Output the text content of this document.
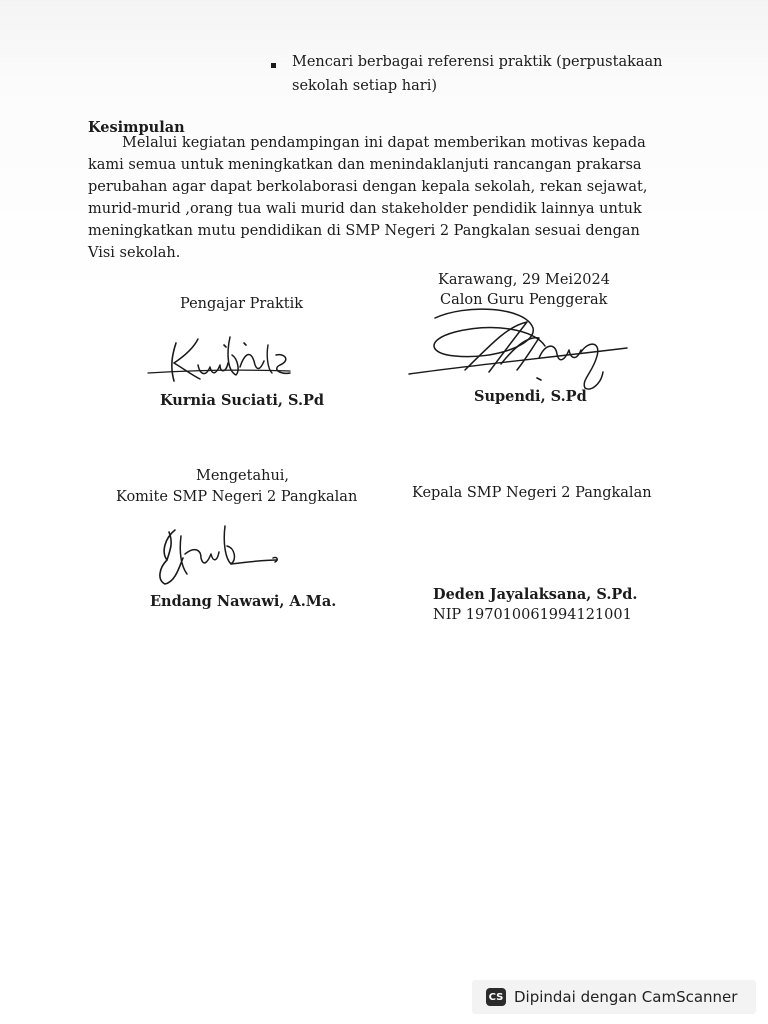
Mencari berbagai referensi praktik (perpustakaan
sekolah setiap hari)
Kesimpulan
Melalui kegiatan pendampingan ini dapat memberikan motivas kepada
kami semua untuk meningkatkan dan menindaklanjuti rancangan prakarsa
perubahan agar dapat berkolaborasi dengan kepala sekolah, rekan sejawat,
murid-murid ,orang tua wali murid dan stakeholder pendidik lainnya untuk
meningkatkan mutu pendidikan di SMP Negeri 2 Pangkalan sesuai dengan
Visi sekolah.
Karawang, 29 Mei2024
Pengajar Praktik	Calon Guru Penggerak
Kurnia Suciati, S.Pd	Supendi, S.Pd
Mengetahui,
Komite SMP Negeri 2 Pangkalan	Kepala SMP Negeri 2 Pangkalan
Endang Nawawi, A.Ma.	Deden Jayalaksana, S.Pd.
NIP 197010061994121001
CS Dipindai dengan CamScanner
